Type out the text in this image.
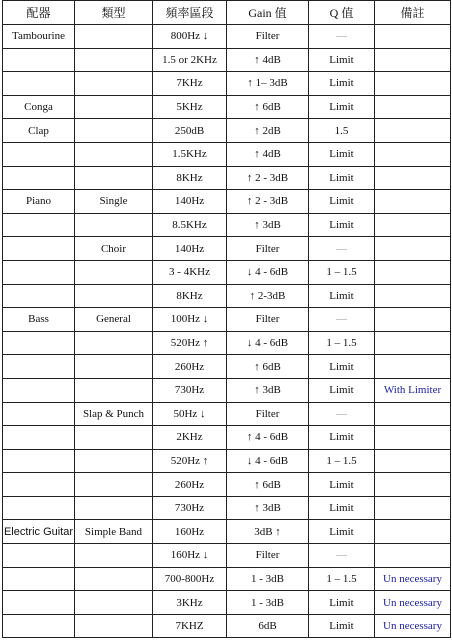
配器	類型	頻率區段	Gain 值	Q 值	備註
Tambourine		800Hz ↓	Filter	—	
		1.5 or 2KHz	↑ 4dB	Limit	
		7KHz	↑ 1– 3dB	Limit	
Conga		5KHz	↑ 6dB	Limit	
Clap		250dB	↑ 2dB	1.5	
		1.5KHz	↑ 4dB	Limit	
		8KHz	↑ 2 - 3dB	Limit	
Piano	Single	140Hz	↑ 2 - 3dB	Limit	
		8.5KHz	↑ 3dB	Limit	
	Choir	140Hz	Filter	—	
		3 - 4KHz	↓ 4 - 6dB	1 – 1.5	
		8KHz	↑ 2-3dB	Limit	
Bass	General	100Hz ↓	Filter	—	
		520Hz ↑	↓ 4 - 6dB	1 – 1.5	
		260Hz	↑ 6dB	Limit	
		730Hz	↑ 3dB	Limit	With Limiter
	Slap & Punch	50Hz ↓	Filter	—	
		2KHz	↑ 4 - 6dB	Limit	
		520Hz ↑	↓ 4 - 6dB	1 – 1.5	
		260Hz	↑ 6dB	Limit	
		730Hz	↑ 3dB	Limit	
Electric Guitar	Simple Band	160Hz	3dB ↑	Limit	
		160Hz ↓	Filter	—	
		700-800Hz	1 - 3dB	1 – 1.5	Un necessary
		3KHz	1 - 3dB	Limit	Un necessary
		7KHZ	6dB	Limit	Un necessary
